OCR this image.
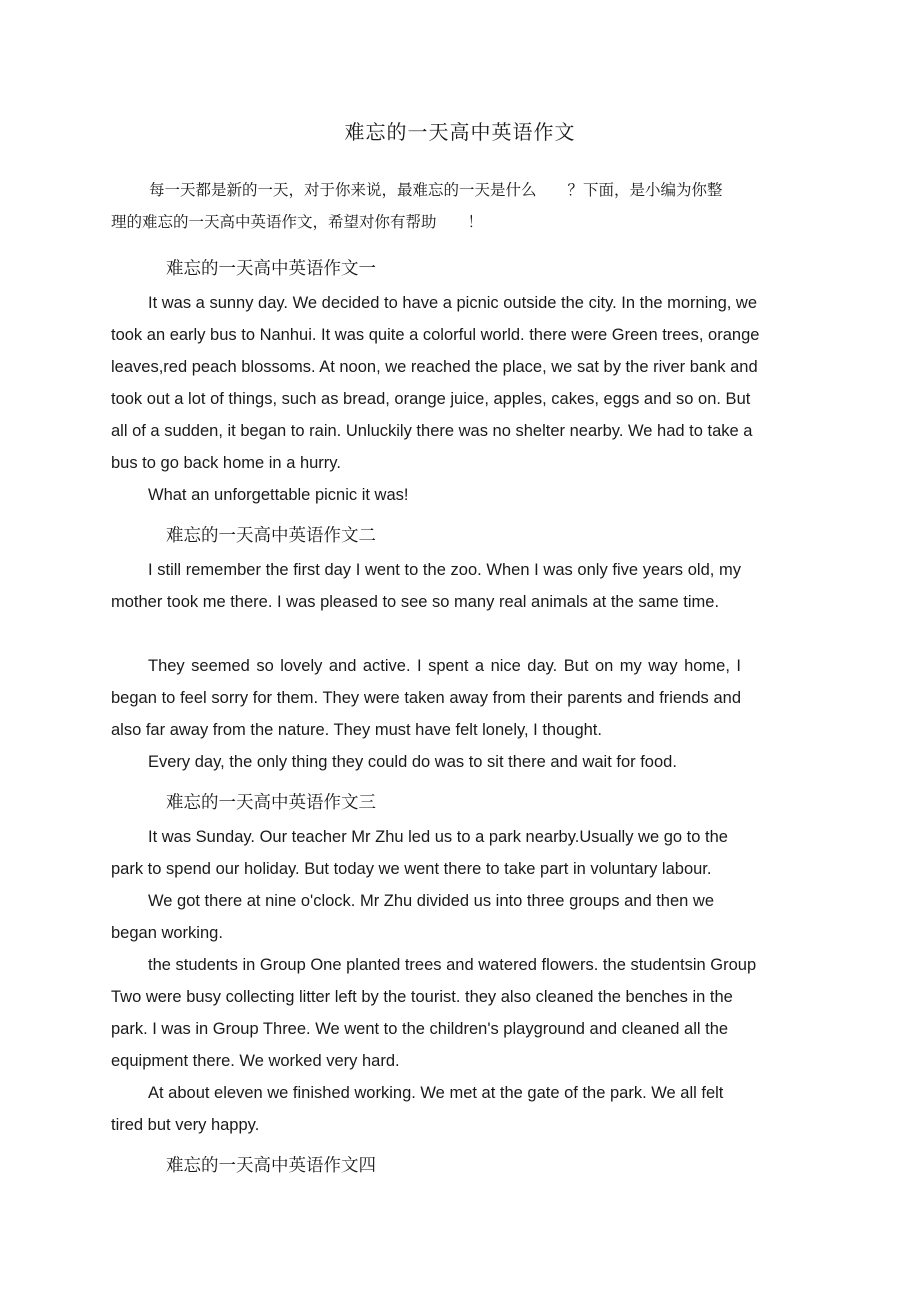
难忘的一天高中英语作文
每一天都是新的一天，对于你来说，最难忘的一天是什么　　？下面，是小编为你整
理的难忘的一天高中英语作文，希望对你有帮助　　！
难忘的一天高中英语作文一

It was a sunny day. We decided to have a picnic outside the city. In the morning, we took an early bus to Nanhui. It was quite a colorful world. there were Green trees, orange leaves,red peach blossoms. At noon, we reached the place, we sat by the river bank and took out a lot of things, such as bread, orange juice, apples, cakes, eggs and so on. But all of a sudden, it began to rain. Unluckily there was no shelter nearby. We had to take a bus to go back home in a hurry.

What an unforgettable picnic it was!

难忘的一天高中英语作文二

I still remember the first day I went to the zoo. When I was only five years old, my mother took me there. I was pleased to see so many real animals at the same time.

They seemed so lovely and active. I spent a nice day. But on my way home, I began to feel sorry for them. They were taken away from their parents and friends and also far away from the nature. They must have felt lonely, I thought.

Every day, the only thing they could do was to sit there and wait for food.

难忘的一天高中英语作文三

It was Sunday. Our teacher Mr Zhu led us to a park nearby.Usually we go to the park to spend our holiday. But today we went there to take part in voluntary labour.

We got there at nine o'clock. Mr Zhu divided us into three groups and then we began working.

the students in Group One planted trees and watered flowers. the studentsin Group Two were busy collecting litter left by the tourist. they also cleaned the benches in the park. I was in Group Three. We went to the children's playground and cleaned all the equipment there. We worked very hard.

At about eleven we finished working. We met at the gate of the park. We all felt tired but very happy.

难忘的一天高中英语作文四
